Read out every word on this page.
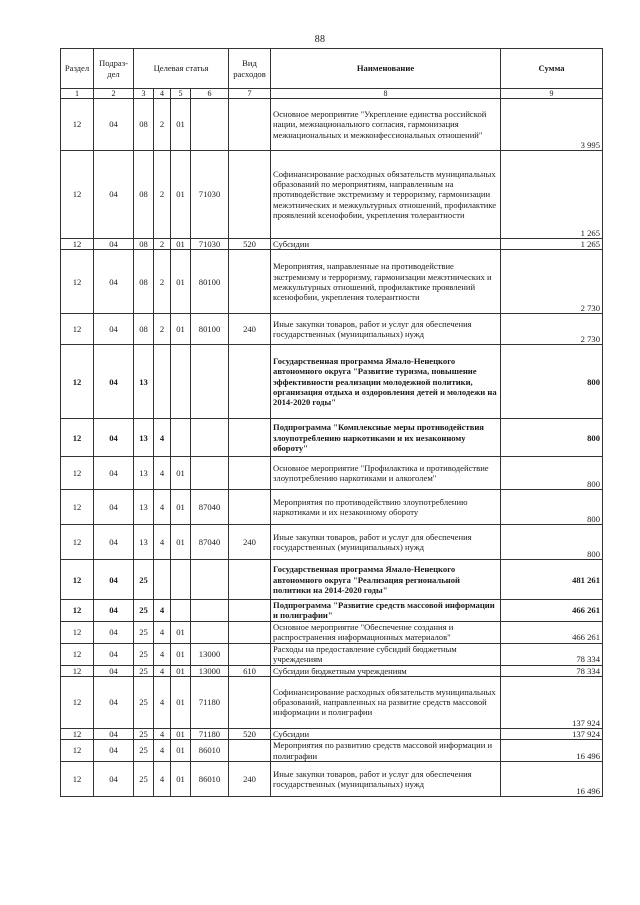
88
Раздел	Подраз-дел	Целевая статья				Вид расходов	Наименование	Сумма
1	2	3	4	5	6	7	8	9
12	04	08	2	01			Основное мероприятие "Укрепление единства российской нации, межнационального согласия, гармонизация межнациональных и межконфессиональных отношений"	3 995
12	04	08	2	01	71030		Софинансирование расходных обязательств муниципальных образований по мероприятиям, направленным на противодействие экстремизму и терроризму, гармонизации межэтнических и межкультурных отношений, профилактике проявлений ксенофобии, укрепления толерантности	1 265
12	04	08	2	01	71030	520	Субсидии	1 265
12	04	08	2	01	80100		Мероприятия, направленные на противодействие экстремизму и терроризму, гармонизации межэтнических и межкультурных отношений, профилактике проявлений ксенофобии, укрепления толерантности	2 730
12	04	08	2	01	80100	240	Иные закупки товаров, работ и услуг для обеспечения государственных (муниципальных) нужд	2 730
12	04	13					Государственная программа Ямало-Ненецкого автономного округа "Развитие туризма, повышение эффективности реализации молодежной политики, организация отдыха и оздоровления детей и молодежи на 2014-2020 годы"	800
12	04	13	4				Подпрограмма "Комплексные меры противодействия злоупотреблению наркотиками и их незаконному обороту"	800
12	04	13	4	01			Основное мероприятие "Профилактика и противодействие злоупотреблению наркотиками и алкоголем"	800
12	04	13	4	01	87040		Мероприятия по противодействию злоупотреблению наркотиками и их незаконному обороту	800
12	04	13	4	01	87040	240	Иные закупки товаров, работ и услуг для обеспечения государственных (муниципальных) нужд	800
12	04	25					Государственная программа Ямало-Ненецкого автономного округа "Реализация региональной политики на 2014-2020 годы"	481 261
12	04	25	4				Подпрограмма "Развитие средств массовой информации и полиграфии"	466 261
12	04	25	4	01			Основное мероприятие "Обеспечение создания и распространения информационных материалов"	466 261
12	04	25	4	01	13000		Расходы на предоставление субсидий бюджетным учреждениям	78 334
12	04	25	4	01	13000	610	Субсидии бюджетным учреждениям	78 334
12	04	25	4	01	71180		Софинансирование расходных обязательств муниципальных образований, направленных на развитие средств массовой информации и полиграфии	137 924
12	04	25	4	01	71180	520	Субсидии	137 924
12	04	25	4	01	86010		Мероприятия по развитию средств массовой информации и полиграфии	16 496
12	04	25	4	01	86010	240	Иные закупки товаров, работ и услуг для обеспечения государственных (муниципальных) нужд	16 496
